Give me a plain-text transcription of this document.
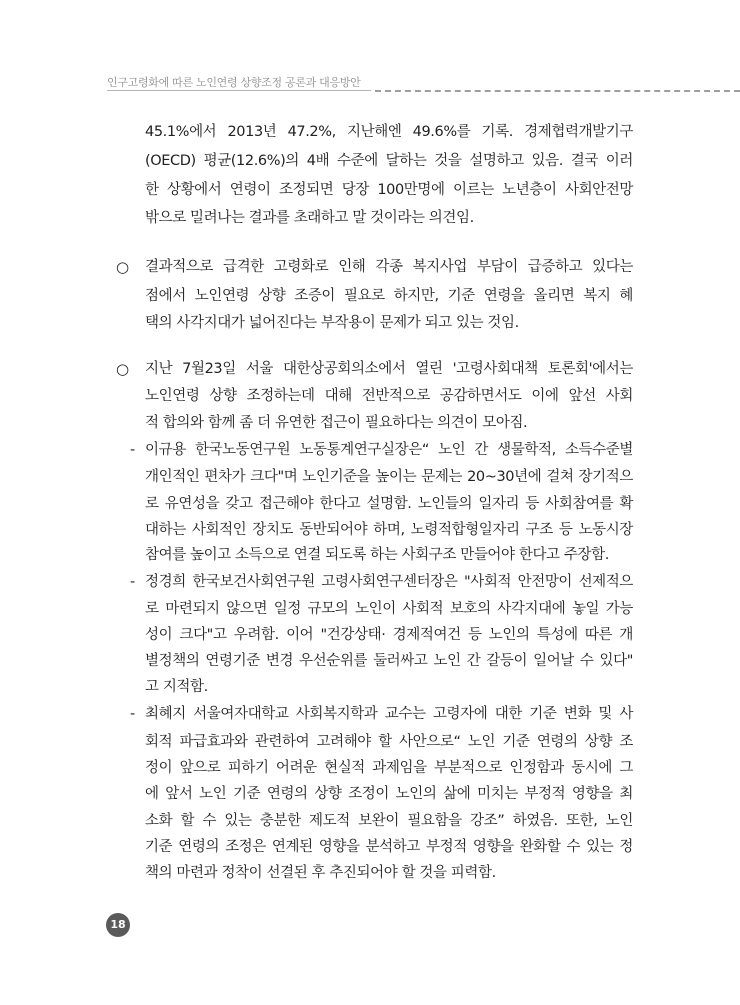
인구고령화에 따른 노인연령 상향조정 공론과 대응방안
45.1%에서 2013년 47.2%, 지난해엔 49.6%를 기록. 경제협력개발기구
(OECD) 평균(12.6%)의 4배 수준에 달하는 것을 설명하고 있음. 결국 이러
한 상황에서 연령이 조정되면 당장 100만명에 이르는 노년층이 사회안전망
밖으로 밀려나는 결과를 초래하고 말 것이라는 의견임.
○ 결과적으로 급격한 고령화로 인해 각종 복지사업 부담이 급증하고 있다는
점에서 노인연령 상향 조증이 필요로 하지만, 기준 연령을 올리면 복지 혜
택의 사각지대가 넓어진다는 부작용이 문제가 되고 있는 것임.
○ 지난 7월23일 서울 대한상공회의소에서 열린 '고령사회대책 토론회'에서는
노인연령 상향 조정하는데 대해 전반적으로 공감하면서도 이에 앞선 사회
적 합의와 함께 좀 더 유연한 접근이 필요하다는 의견이 모아짐.
- 이규용 한국노동연구원 노동통계연구실장은“ 노인 간 생물학적, 소득수준별
개인적인 편차가 크다"며 노인기준을 높이는 문제는 20~30년에 걸쳐 장기적으
로 유연성을 갖고 접근해야 한다고 설명함. 노인들의 일자리 등 사회참여를 확
대하는 사회적인 장치도 동반되어야 하며, 노령적합형일자리 구조 등 노동시장
참여를 높이고 소득으로 연결 되도록 하는 사회구조 만들어야 한다고 주장함.
- 정경희 한국보건사회연구원 고령사회연구센터장은 "사회적 안전망이 선제적으
로 마련되지 않으면 일정 규모의 노인이 사회적 보호의 사각지대에 놓일 가능
성이 크다"고 우려함. 이어 "건강상태· 경제적여건 등 노인의 특성에 따른 개
별정책의 연령기준 변경 우선순위를 둘러싸고 노인 간 갈등이 일어날 수 있다"
고 지적함.
- 최혜지 서울여자대학교 사회복지학과 교수는 고령자에 대한 기준 변화 및 사
회적 파급효과와 관련하여 고려해야 할 사안으로“ 노인 기준 연령의 상향 조
정이 앞으로 피하기 어려운 현실적 과제임을 부분적으로 인정함과 동시에 그
에 앞서 노인 기준 연령의 상향 조정이 노인의 삶에 미치는 부정적 영향을 최
소화 할 수 있는 충분한 제도적 보완이 필요함을 강조” 하였음. 또한, 노인
기준 연령의 조정은 연계된 영향을 분석하고 부정적 영향을 완화할 수 있는 정
책의 마련과 정착이 선결된 후 추진되어야 할 것을 피력함.
18
